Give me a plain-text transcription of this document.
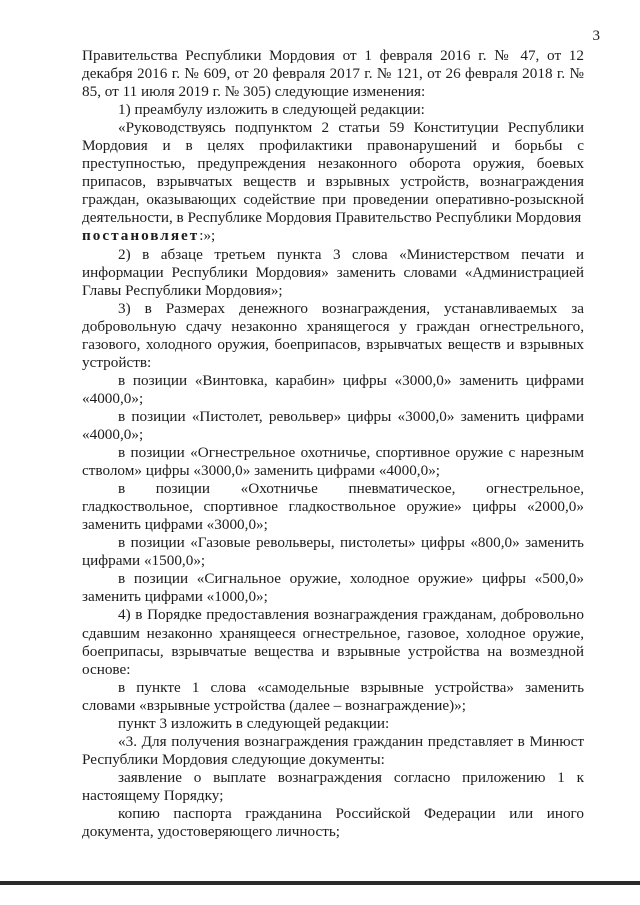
3

Правительства Республики Мордовия от 1 февраля 2016 г. № 47, от 12 декабря 2016 г. № 609, от 20 февраля 2017 г. № 121, от 26 февраля 2018 г. № 85, от 11 июля 2019 г. № 305) следующие изменения:

1) преамбулу изложить в следующей редакции:

«Руководствуясь подпунктом 2 статьи 59 Конституции Республики Мордовия и в целях профилактики правонарушений и борьбы с преступностью, предупреждения незаконного оборота оружия, боевых припасов, взрывчатых веществ и взрывных устройств, вознаграждения граждан, оказывающих содействие при проведении оперативно-розыскной деятельности, в Республике Мордовия Правительство Республики Мордовия

постановляет:»;

2) в абзаце третьем пункта 3 слова «Министерством печати и информации Республики Мордовия» заменить словами «Администрацией Главы Республики Мордовия»;

3) в Размерах денежного вознаграждения, устанавливаемых за добровольную сдачу незаконно хранящегося у граждан огнестрельного, газового, холодного оружия, боеприпасов, взрывчатых веществ и взрывных устройств:

в позиции «Винтовка, карабин» цифры «3000,0» заменить цифрами «4000,0»;

в позиции «Пистолет, револьвер» цифры «3000,0» заменить цифрами «4000,0»;

в позиции «Огнестрельное охотничье, спортивное оружие с нарезным стволом» цифры «3000,0» заменить цифрами «4000,0»;

в позиции «Охотничье пневматическое, огнестрельное, гладкоствольное, спортивное гладкоствольное оружие» цифры «2000,0» заменить цифрами «3000,0»;

в позиции «Газовые револьверы, пистолеты» цифры «800,0» заменить цифрами «1500,0»;

в позиции «Сигнальное оружие, холодное оружие» цифры «500,0» заменить цифрами «1000,0»;

4) в Порядке предоставления вознаграждения гражданам, добровольно сдавшим незаконно хранящееся огнестрельное, газовое, холодное оружие, боеприпасы, взрывчатые вещества и взрывные устройства на возмездной основе:

в пункте 1 слова «самодельные взрывные устройства» заменить словами «взрывные устройства (далее – вознаграждение)»;

пункт 3 изложить в следующей редакции:

«3. Для получения вознаграждения гражданин представляет в Минюст Республики Мордовия следующие документы:

заявление о выплате вознаграждения согласно приложению 1 к настоящему Порядку;

копию паспорта гражданина Российской Федерации или иного документа, удостоверяющего личность;
